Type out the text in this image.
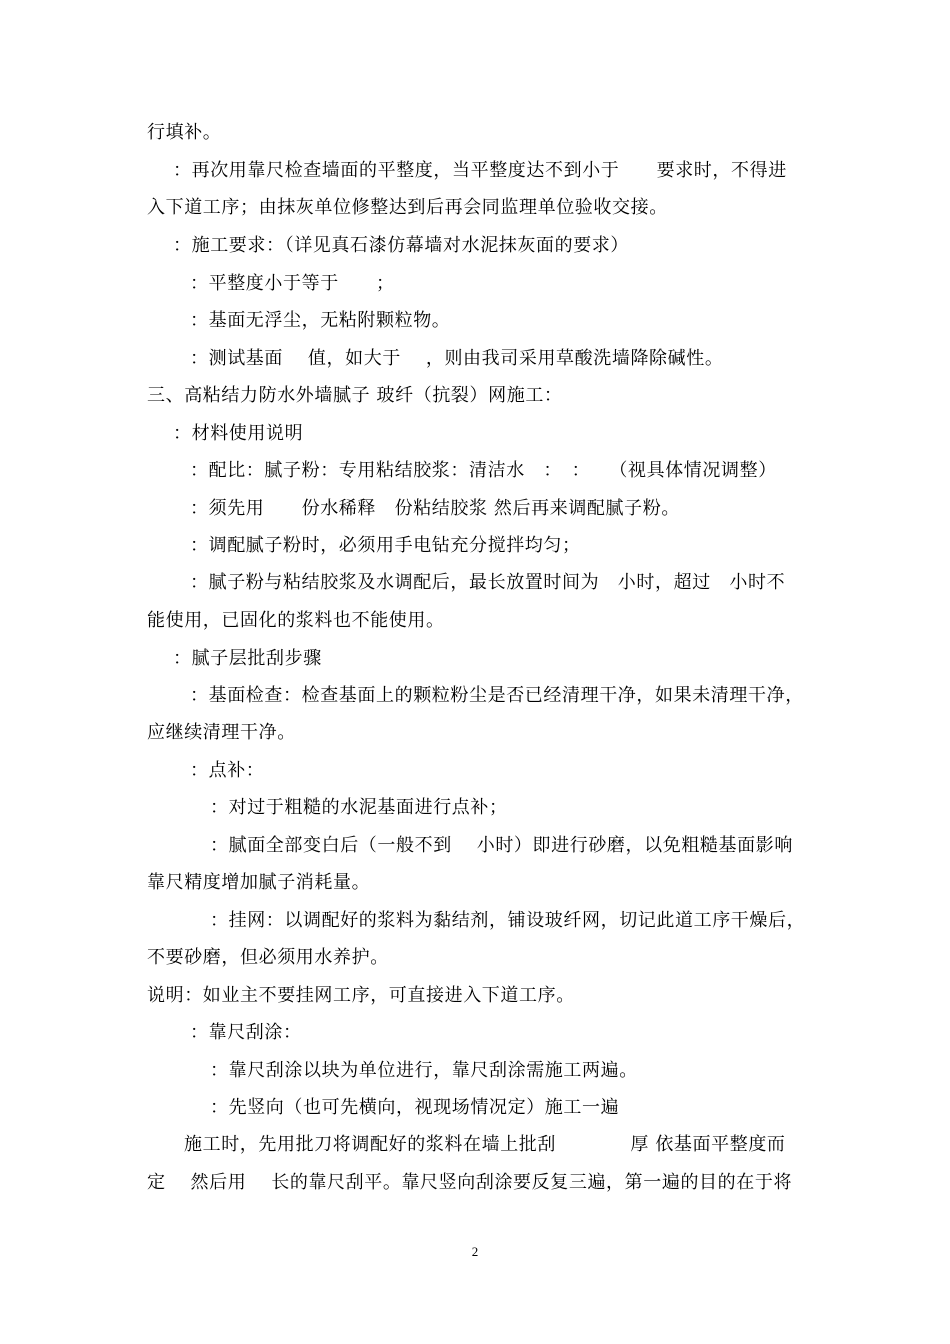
行填补。
：再次用靠尺检查墙面的平整度，当平整度达不到小于　　要求时，不得进
入下道工序；由抹灰单位修整达到后再会同监理单位验收交接。
：施工要求：（详见真石漆仿幕墙对水泥抹灰面的要求）
：平整度小于等于　　；
：基面无浮尘，无粘附颗粒物。
：测试基面　 值，如大于　 ，则由我司采用草酸洗墙降除碱性。
三、高粘结力防水外墙腻子 玻纤（抗裂）网施工：
：材料使用说明
：配比：腻子粉：专用粘结胶浆：清洁水　：　：　　（视具体情况调整）
：须先用　　份水稀释　份粘结胶浆 然后再来调配腻子粉。
：调配腻子粉时，必须用手电钻充分搅拌均匀；
：腻子粉与粘结胶浆及水调配后，最长放置时间为　小时，超过　小时不
能使用，已固化的浆料也不能使用。
：腻子层批刮步骤
：基面检查：检查基面上的颗粒粉尘是否已经清理干净，如果未清理干净，
应继续清理干净。
：点补：
：对过于粗糙的水泥基面进行点补；
：腻面全部变白后（一般不到　 小时）即进行砂磨，以免粗糙基面影响
靠尺精度增加腻子消耗量。
：挂网：以调配好的浆料为黏结剂，铺设玻纤网，切记此道工序干燥后，
不要砂磨，但必须用水养护。
说明：如业主不要挂网工序，可直接进入下道工序。
：靠尺刮涂：
：靠尺刮涂以块为单位进行，靠尺刮涂需施工两遍。
：先竖向（也可先横向，视现场情况定）施工一遍
施工时，先用批刀将调配好的浆料在墙上批刮　　　　厚 依基面平整度而
定　 然后用　 长的靠尺刮平。靠尺竖向刮涂要反复三遍，第一遍的目的在于将
2
